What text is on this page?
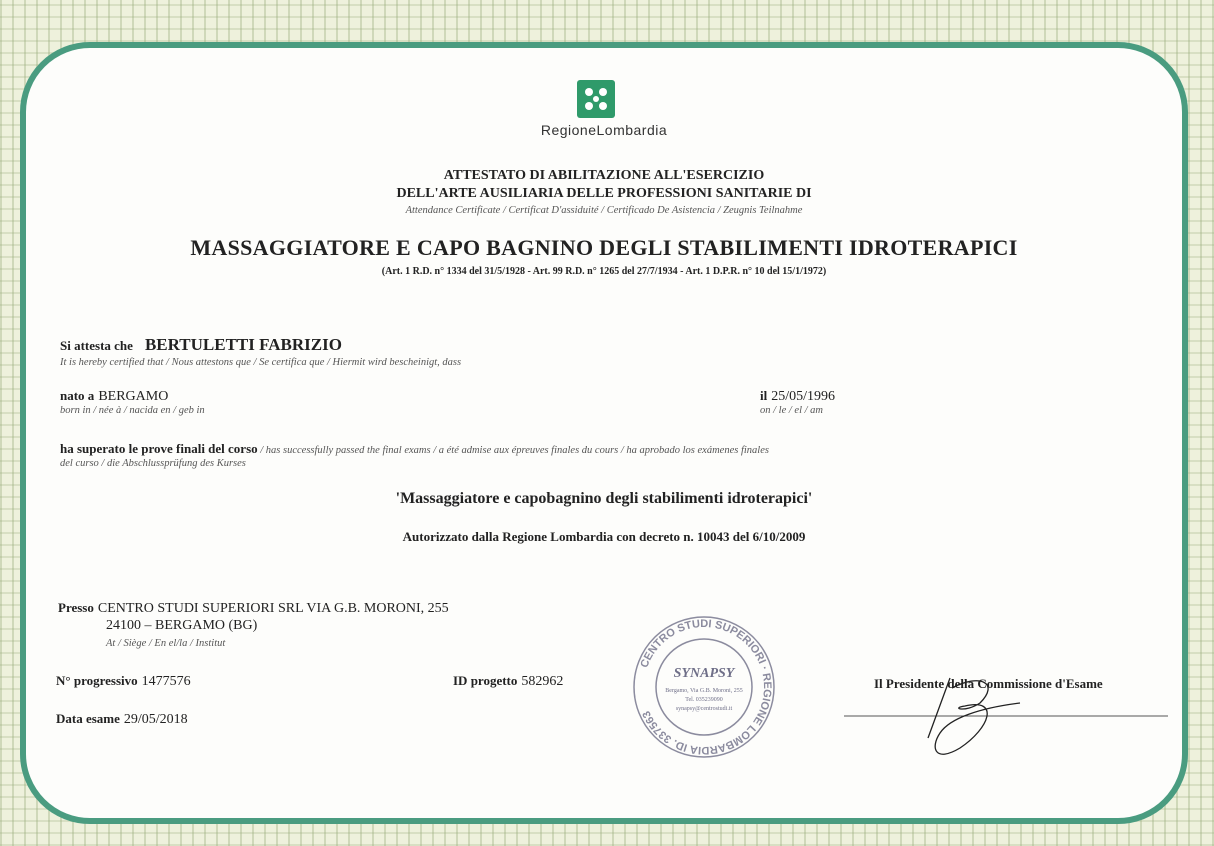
RegioneLombardia
ATTESTATO DI ABILITAZIONE ALL'ESERCIZIO
DELL'ARTE AUSILIARIA DELLE PROFESSIONI SANITARIE DI
Attendance Certificate / Certificat D'assiduité / Certificado De Asistencia / Zeugnis Teilnahme
MASSAGGIATORE E CAPO BAGNINO DEGLI STABILIMENTI IDROTERAPICI
(Art. 1 R.D. n° 1334 del 31/5/1928 - Art. 99 R.D. n° 1265 del 27/7/1934 - Art. 1 D.P.R. n° 10 del 15/1/1972)
Si attesta che BERTULETTI FABRIZIO
It is hereby certified that / Nous attestons que / Se certifica que / Hiermit wird bescheinigt, dass
nato a BERGAMO
born in / née à / nacida en / geb in
il 25/05/1996
on / le / el / am
ha superato le prove finali del corso / has successfully passed the final exams / a été admise aux épreuves finales du cours / ha aprobado los exámenes finales
del curso / die Abschlussprüfung des Kurses
'Massaggiatore e capobagnino degli stabilimenti idroterapici'
Autorizzato dalla Regione Lombardia con decreto n. 10043 del 6/10/2009
Presso CENTRO STUDI SUPERIORI SRL VIA G.B. MORONI, 255
24100 – BERGAMO (BG)
At / Siège / En el/la / Institut
N° progressivo 1477576	ID progetto 582962
Data esame 29/05/2018
Il Presidente della Commissione d'Esame
CENTRO STUDI SUPERIORI · REGIONE LOMBARDIA ID. 337563
SYNAPSY
Bergamo, Via G.B. Moroni, 255
Tel. 035239090
synapsy@centrostudi.it
